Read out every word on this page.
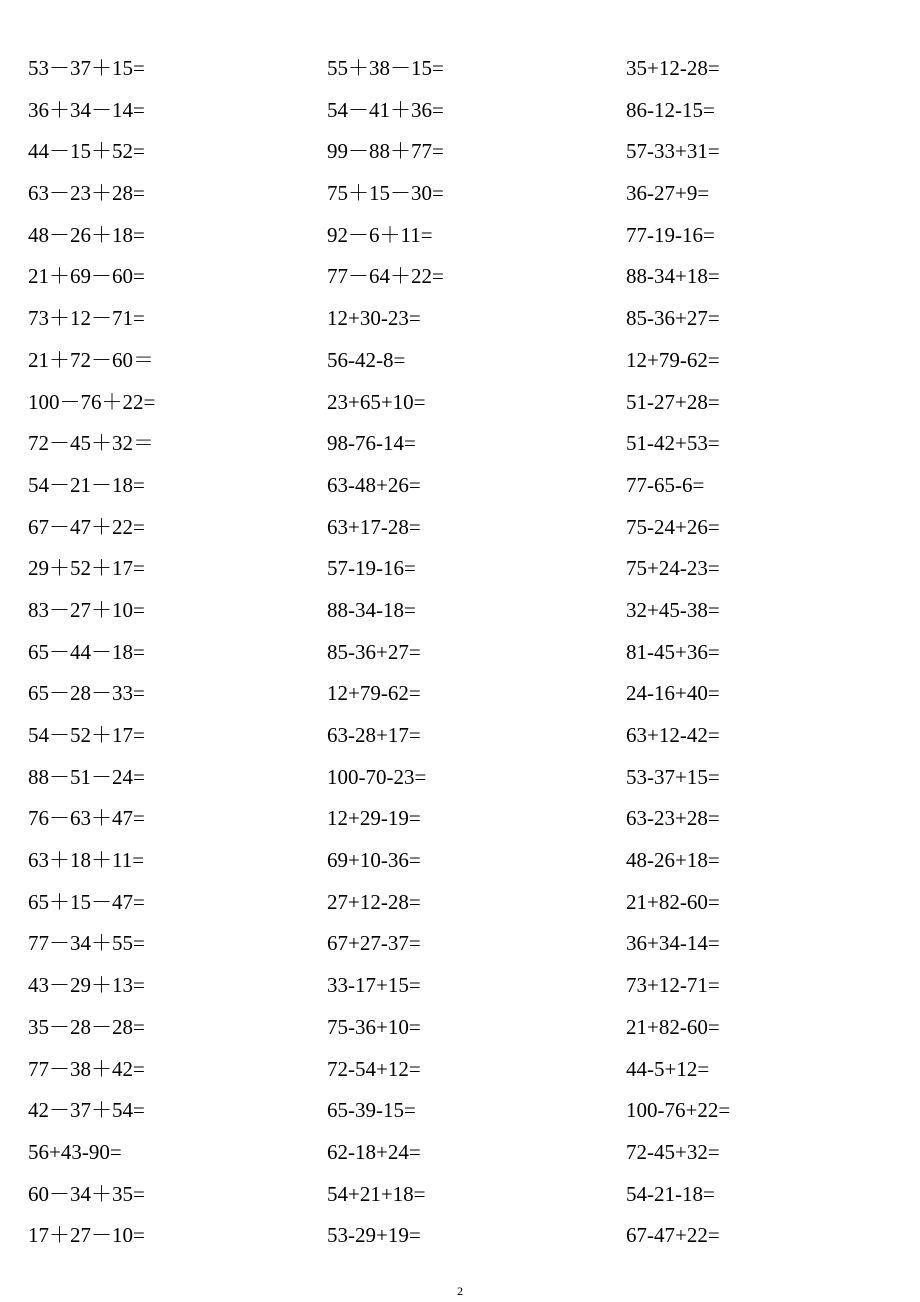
53－37＋15=
36＋34－14=
44－15＋52=
63－23＋28=
48－26＋18=
21＋69－60=
73＋12－71=
21＋72－60＝
100－76＋22=
72－45＋32＝
54－21－18=
67－47＋22=
29＋52＋17=
83－27＋10=
65－44－18=
65－28－33=
54－52＋17=
88－51－24=
76－63＋47=
63＋18＋11=
65＋15－47=
77－34＋55=
43－29＋13=
35－28－28=
77－38＋42=
42－37＋54=
56+43-90=
60－34＋35=
17＋27－10=
55＋38－15=
54－41＋36=
99－88＋77=
75＋15－30=
92－6＋11=
77－64＋22=
12+30-23=
56-42-8=
23+65+10=
98-76-14=
63-48+26=
63+17-28=
57-19-16=
88-34-18=
85-36+27=
12+79-62=
63-28+17=
100-70-23=
12+29-19=
69+10-36=
27+12-28=
67+27-37=
33-17+15=
75-36+10=
72-54+12=
65-39-15=
62-18+24=
54+21+18=
53-29+19=
35+12-28=
86-12-15=
57-33+31=
36-27+9=
77-19-16=
88-34+18=
85-36+27=
12+79-62=
51-27+28=
51-42+53=
77-65-6=
75-24+26=
75+24-23=
32+45-38=
81-45+36=
24-16+40=
63+12-42=
53-37+15=
63-23+28=
48-26+18=
21+82-60=
36+34-14=
73+12-71=
21+82-60=
44-5+12=
100-76+22=
72-45+32=
54-21-18=
67-47+22=
2
